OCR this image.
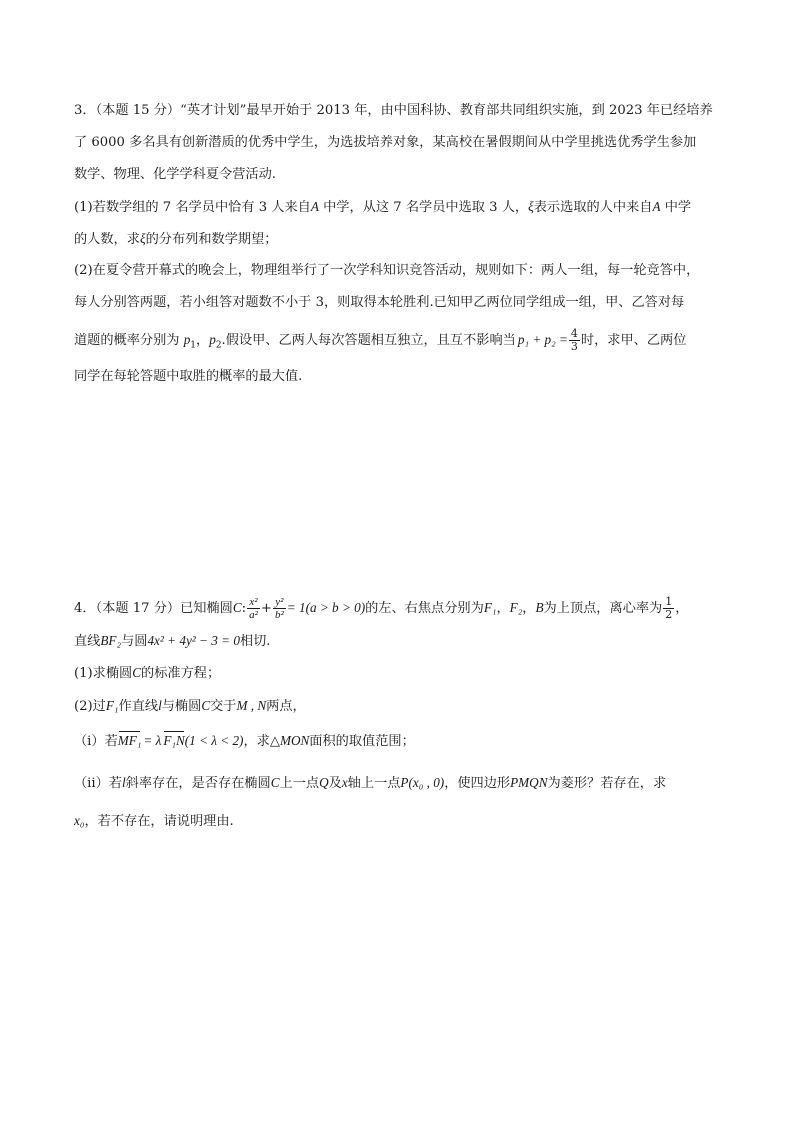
3．（本题 15 分）“英才计划”最早开始于 2013 年，由中国科协、教育部共同组织实施，到 2023 年已经培养
了 6000 多名具有创新潜质的优秀中学生，为选拔培养对象，某高校在暑假期间从中学里挑选优秀学生参加
数学、物理、化学学科夏令营活动.
(1)若数学组的 7 名学员中恰有 3 人来自A 中学，从这 7 名学员中选取 3 人，ξ表示选取的人中来自A 中学
的人数，求ξ的分布列和数学期望；
(2)在夏令营开幕式的晚会上，物理组举行了一次学科知识竞答活动，规则如下：两人一组，每一轮竞答中，
每人分别答两题，若小组答对题数不小于 3，则取得本轮胜利.已知甲乙两位同学组成一组，甲、乙答对每
道题的概率分别为 $p_1$，$p_2$.假设甲、乙两人每次答题相互独立，且互不影响当 $p_1 + p_2 = \frac{4}{3}$ 时，求甲、乙两位
同学在每轮答题中取胜的概率的最大值.
4．（本题 17 分）已知椭圆C: $\frac{\text{x²}}{\text{a²}} + \frac{\text{y²}}{\text{b²}} = 1(a > b > 0)$的左、右焦点分别为F₁，F₂，B为上顶点，离心率为 $\frac{1}{2}$ ，
直线BF₂与圆4x² + 4y² − 3 = 0相切.
(1)求椭圆C的标准方程；
(2)过F₁作直线l与椭圆C交于M , N两点，
（i）若MF₁ = λ F₁N(1 < λ < 2)，求△MON面积的取值范围；
（ii）若l斜率存在，是否存在椭圆C上一点Q及x轴上一点P(x₀ , 0)，使四边形PMQN为菱形？若存在，求
x₀，若不存在，请说明理由.
